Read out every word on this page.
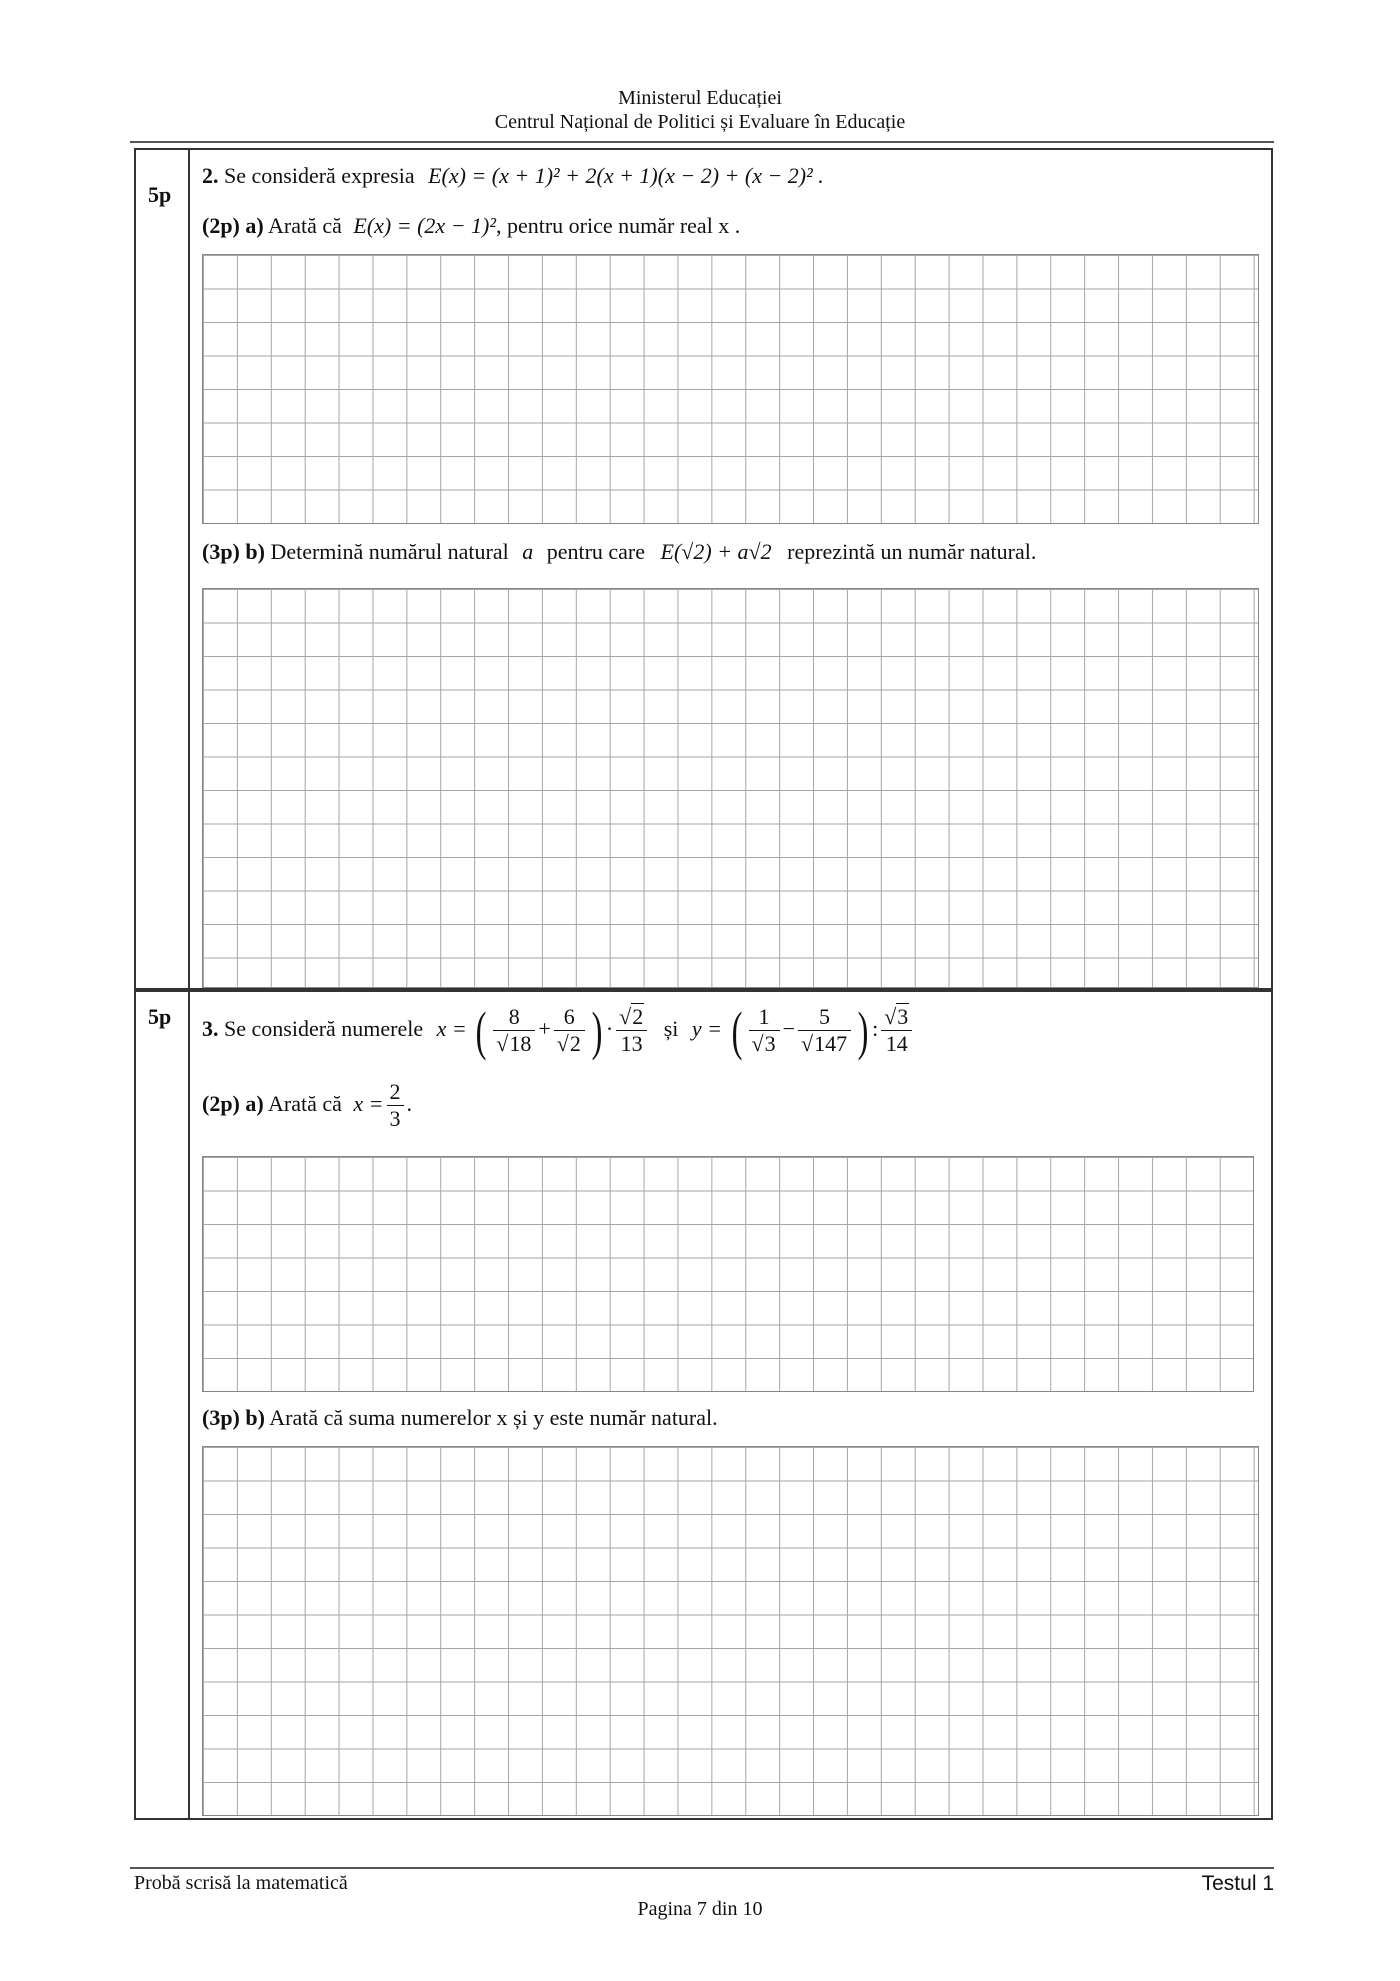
Ministerul Educației
Centrul Național de Politici și Evaluare în Educație
5p
2. Se consideră expresia E(x) = (x + 1)² + 2(x + 1)(x − 2) + (x − 2)² .
(2p) a) Arată că E(x) = (2x − 1)², pentru orice număr real x .
(3p) b) Determină numărul natural a pentru care E(√2) + a√2 reprezintă un număr natural.
5p 3. Se consideră numerele x = ( $\frac{8}{√18} + \frac{6}{√2}$ ) · $\frac{√2}{13}$ și y = ( $\frac{1}{√3} - \frac{5}{√147}$ ) : $\frac{√3}{14}$
(2p) a) Arată că $x = \frac{2}{3}$ .
(3p) b) Arată că suma numerelor x și y este număr natural.
Probă scrisă la matematică	Testul 1
Pagina 7 din 10
